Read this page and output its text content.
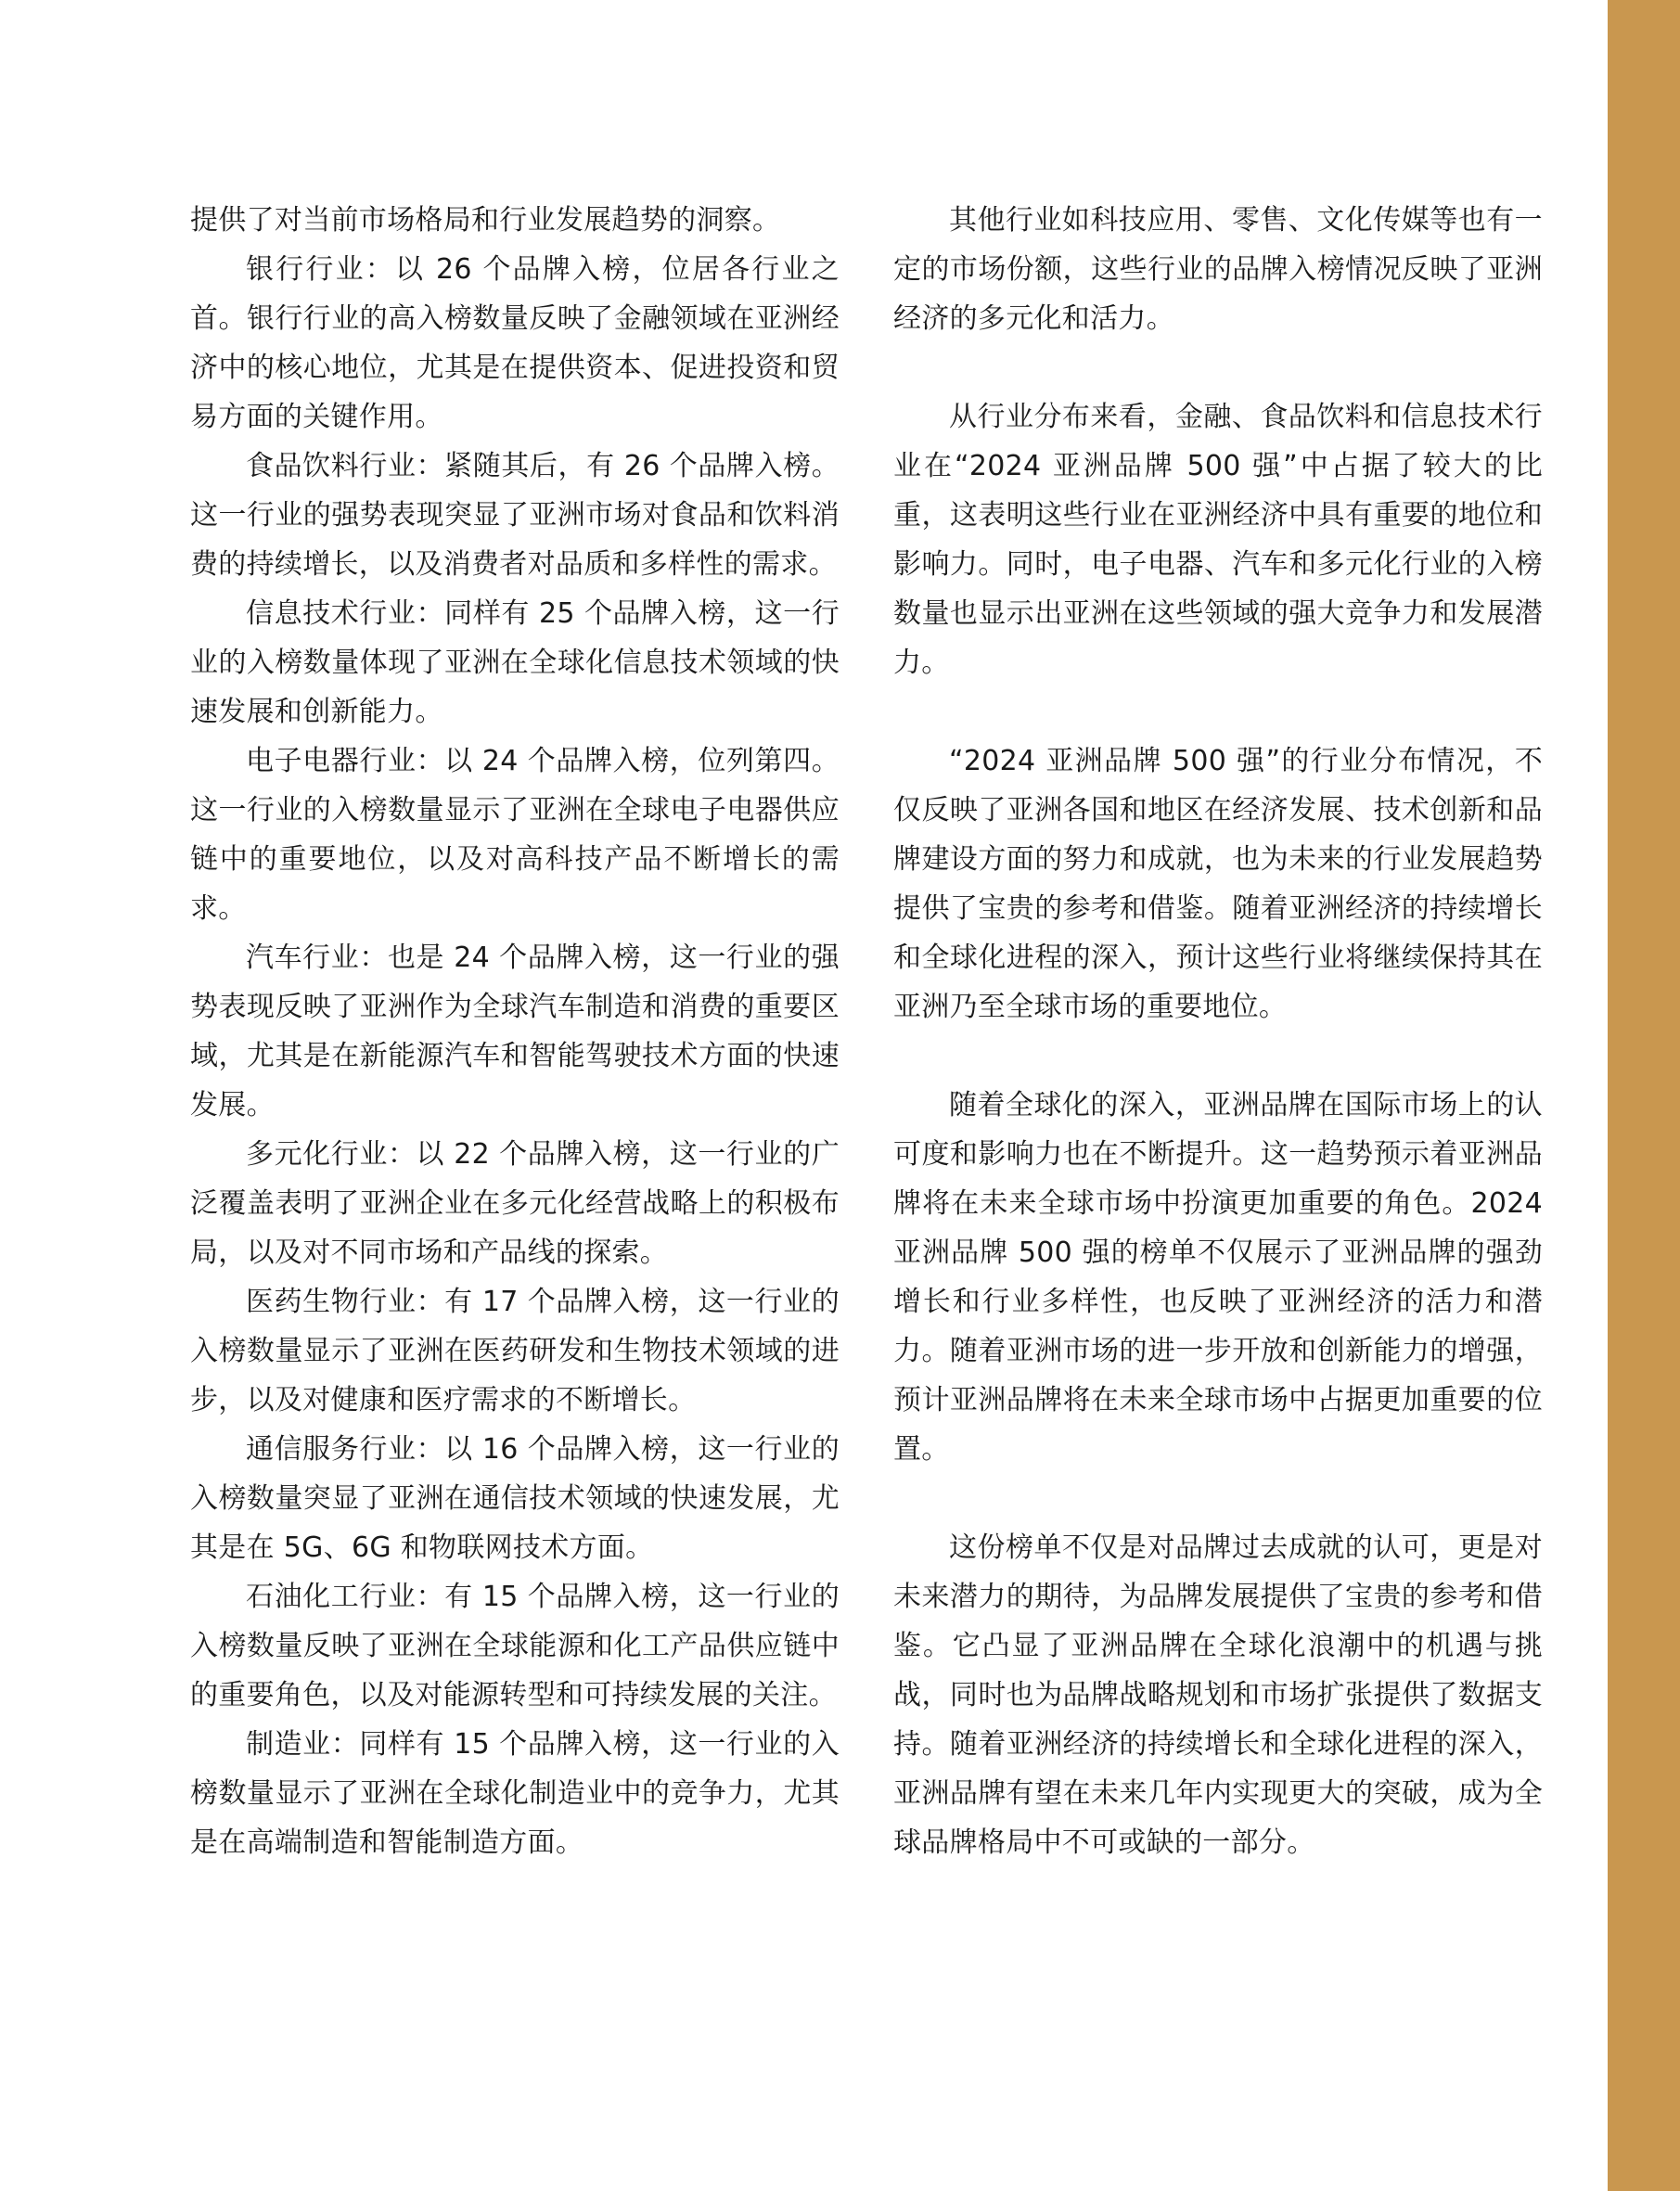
提供了对当前市场格局和行业发展趋势的洞察。

银行行业：以 26 个品牌入榜，位居各行业之首。银行行业的高入榜数量反映了金融领域在亚洲经济中的核心地位，尤其是在提供资本、促进投资和贸易方面的关键作用。

食品饮料行业：紧随其后，有 26 个品牌入榜。这一行业的强势表现突显了亚洲市场对食品和饮料消费的持续增长，以及消费者对品质和多样性的需求。

信息技术行业：同样有 25 个品牌入榜，这一行业的入榜数量体现了亚洲在全球化信息技术领域的快速发展和创新能力。

电子电器行业：以 24 个品牌入榜，位列第四。这一行业的入榜数量显示了亚洲在全球电子电器供应链中的重要地位，以及对高科技产品不断增长的需求。

汽车行业：也是 24 个品牌入榜，这一行业的强势表现反映了亚洲作为全球汽车制造和消费的重要区域，尤其是在新能源汽车和智能驾驶技术方面的快速发展。

多元化行业：以 22 个品牌入榜，这一行业的广泛覆盖表明了亚洲企业在多元化经营战略上的积极布局，以及对不同市场和产品线的探索。

医药生物行业：有 17 个品牌入榜，这一行业的入榜数量显示了亚洲在医药研发和生物技术领域的进步，以及对健康和医疗需求的不断增长。

通信服务行业：以 16 个品牌入榜，这一行业的入榜数量突显了亚洲在通信技术领域的快速发展，尤其是在 5G、6G 和物联网技术方面。

石油化工行业：有 15 个品牌入榜，这一行业的入榜数量反映了亚洲在全球能源和化工产品供应链中的重要角色，以及对能源转型和可持续发展的关注。

制造业：同样有 15 个品牌入榜，这一行业的入榜数量显示了亚洲在全球化制造业中的竞争力，尤其是在高端制造和智能制造方面。

其他行业如科技应用、零售、文化传媒等也有一定的市场份额，这些行业的品牌入榜情况反映了亚洲经济的多元化和活力。

从行业分布来看，金融、食品饮料和信息技术行业在“2024 亚洲品牌 500 强”中占据了较大的比重，这表明这些行业在亚洲经济中具有重要的地位和影响力。同时，电子电器、汽车和多元化行业的入榜数量也显示出亚洲在这些领域的强大竞争力和发展潜力。

“2024 亚洲品牌 500 强”的行业分布情况，不仅反映了亚洲各国和地区在经济发展、技术创新和品牌建设方面的努力和成就，也为未来的行业发展趋势提供了宝贵的参考和借鉴。随着亚洲经济的持续增长和全球化进程的深入，预计这些行业将继续保持其在亚洲乃至全球市场的重要地位。

随着全球化的深入，亚洲品牌在国际市场上的认可度和影响力也在不断提升。这一趋势预示着亚洲品牌将在未来全球市场中扮演更加重要的角色。2024 亚洲品牌 500 强的榜单不仅展示了亚洲品牌的强劲增长和行业多样性，也反映了亚洲经济的活力和潜力。随着亚洲市场的进一步开放和创新能力的增强，预计亚洲品牌将在未来全球市场中占据更加重要的位置。

这份榜单不仅是对品牌过去成就的认可，更是对未来潜力的期待，为品牌发展提供了宝贵的参考和借鉴。它凸显了亚洲品牌在全球化浪潮中的机遇与挑战，同时也为品牌战略规划和市场扩张提供了数据支持。随着亚洲经济的持续增长和全球化进程的深入，亚洲品牌有望在未来几年内实现更大的突破，成为全球品牌格局中不可或缺的一部分。
